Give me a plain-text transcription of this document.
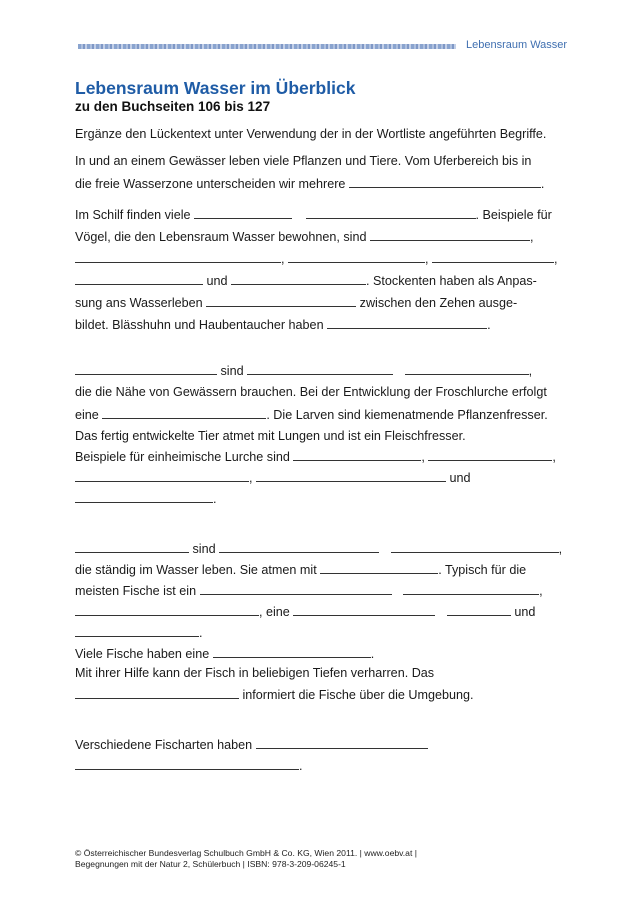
Lebensraum Wasser
Lebensraum Wasser im Überblick
zu den Buchseiten 106 bis 127
Ergänze den Lückentext unter Verwendung der in der Wortliste angeführten Begriffe.
In und an einem Gewässer leben viele Pflanzen und Tiere. Vom Uferbereich bis in
die freie Wasserzone unterscheiden wir mehrere	.
Im Schilf finden viele	. Beispiele für
Vögel, die den Lebensraum Wasser bewohnen, sind	,
,	,	,
und	. Stockenten haben als Anpas-
sung ans Wasserleben	zwischen den Zehen ausge-
bildet. Blässhuhn und Haubentaucher haben	.
sind	,
die die Nähe von Gewässern brauchen. Bei der Entwicklung der Froschlurche erfolgt
eine	. Die Larven sind kiemenatmende Pflanzenfresser.
Das fertig entwickelte Tier atmet mit Lungen und ist ein Fleischfresser.
Beispiele für einheimische Lurche sind	,	,
,	und
.
sind	,
die ständig im Wasser leben. Sie atmen mit	. Typisch für die
meisten Fische ist ein	,
, eine	und
.
Viele Fische haben eine	.
Mit ihrer Hilfe kann der Fisch in beliebigen Tiefen verharren. Das
informiert die Fische über die Umgebung.
Verschiedene Fischarten haben
.
© Österreichischer Bundesverlag Schulbuch GmbH & Co. KG, Wien 2011. | www.oebv.at |
Begegnungen mit der Natur 2, Schülerbuch | ISBN: 978-3-209-06245-1
